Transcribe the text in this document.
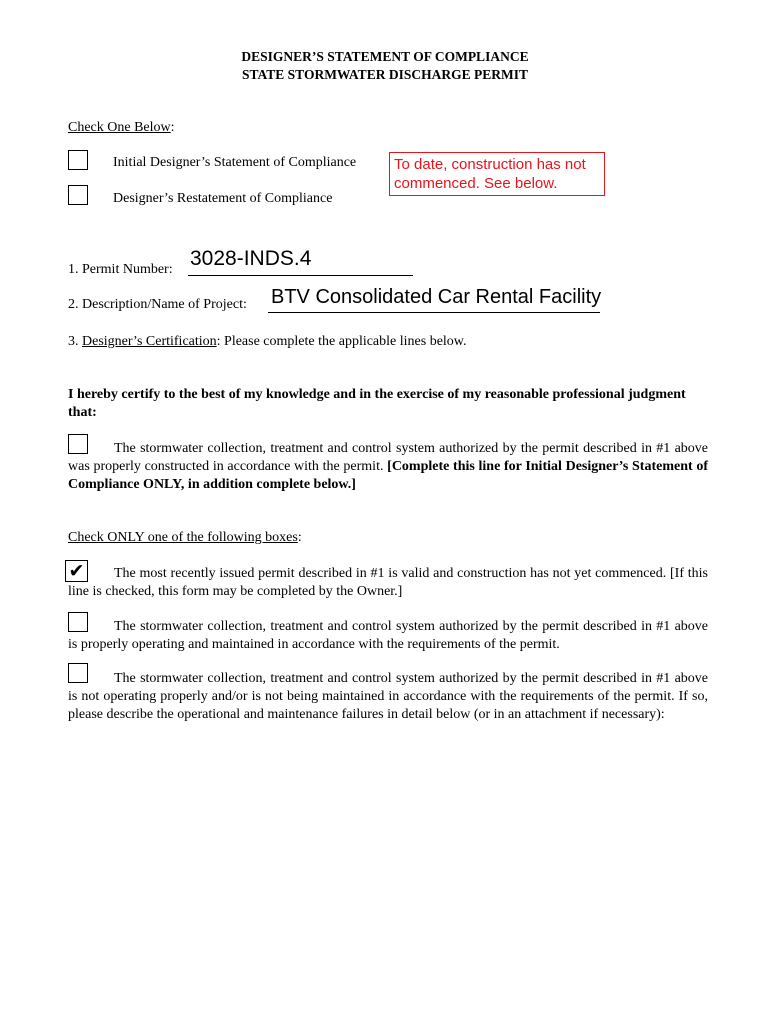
DESIGNER’S STATEMENT OF COMPLIANCE
STATE STORMWATER DISCHARGE PERMIT
Check One Below:
Initial Designer’s Statement of Compliance
Designer’s Restatement of Compliance
To date, construction has not commenced. See below.
1. Permit Number: 3028-INDS.4
2. Description/Name of Project: BTV Consolidated Car Rental Facility
3. Designer’s Certification: Please complete the applicable lines below.
I hereby certify to the best of my knowledge and in the exercise of my reasonable professional judgment that:
The stormwater collection, treatment and control system authorized by the permit described in #1 above was properly constructed in accordance with the permit. [Complete this line for Initial Designer’s Statement of Compliance ONLY, in addition complete below.]
Check ONLY one of the following boxes:
✔	The most recently issued permit described in #1 is valid and construction has not yet commenced. [If this line is checked, this form may be completed by the Owner.]
The stormwater collection, treatment and control system authorized by the permit described in #1 above is properly operating and maintained in accordance with the requirements of the permit.
The stormwater collection, treatment and control system authorized by the permit described in #1 above is not operating properly and/or is not being maintained in accordance with the requirements of the permit. If so, please describe the operational and maintenance failures in detail below (or in an attachment if necessary):
